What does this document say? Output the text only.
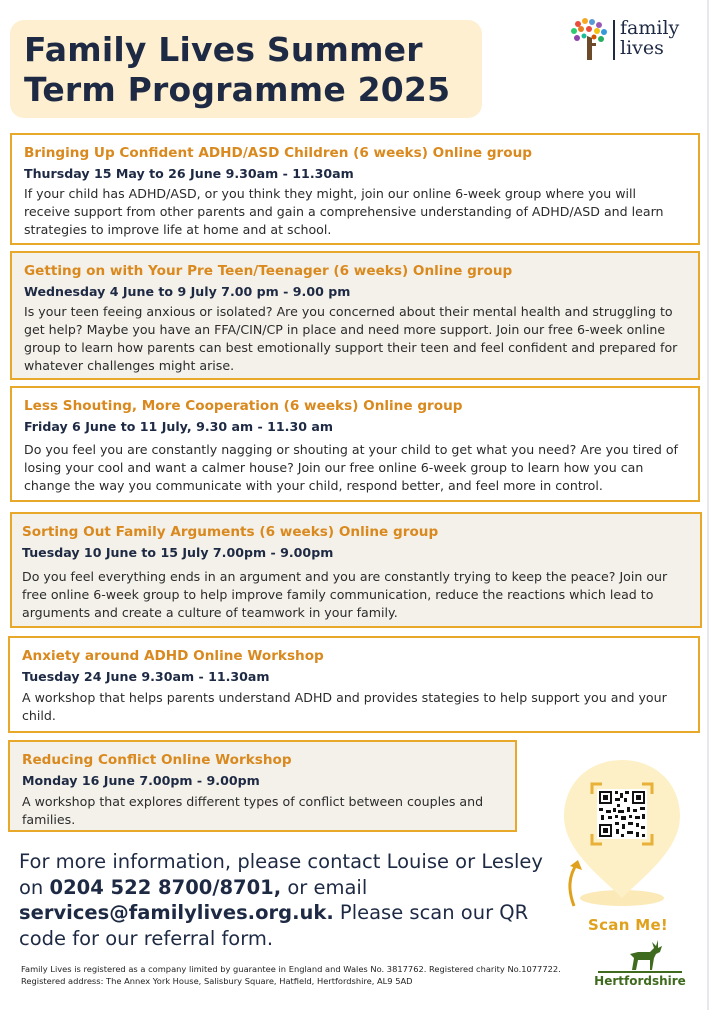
Family Lives Summer Term Programme 2025
family
lives
Bringing Up Confident ADHD/ASD Children (6 weeks) Online group
Thursday 15 May to 26 June 9.30am - 11.30am
If your child has ADHD/ASD, or you think they might, join our online 6-week group where you will receive support from other parents and gain a comprehensive understanding of ADHD/ASD and learn strategies to improve life at home and at school.
Getting on with Your Pre Teen/Teenager (6 weeks) Online group
Wednesday 4 June to 9 July 7.00 pm - 9.00 pm
Is your teen feeing anxious or isolated? Are you concerned about their mental health and struggling to get help? Maybe you have an FFA/CIN/CP in place and need more support. Join our free 6-week online group to learn how parents can best emotionally support their teen and feel confident and prepared for whatever challenges might arise.
Less Shouting, More Cooperation (6 weeks) Online group
Friday 6 June to 11 July, 9.30 am - 11.30 am
Do you feel you are constantly nagging or shouting at your child to get what you need? Are you tired of losing your cool and want a calmer house? Join our free online 6-week group to learn how you can change the way you communicate with your child, respond better, and feel more in control.
Sorting Out Family Arguments (6 weeks) Online group
Tuesday 10 June to 15 July 7.00pm - 9.00pm
Do you feel everything ends in an argument and you are constantly trying to keep the peace? Join our free online 6-week group to help improve family communication, reduce the reactions which lead to arguments and create a culture of teamwork in your family.
Anxiety around ADHD Online Workshop
Tuesday 24 June 9.30am - 11.30am
A workshop that helps parents understand ADHD and provides stategies to help support you and your child.
Reducing Conflict Online Workshop
Monday 16 June 7.00pm - 9.00pm
A workshop that explores different types of conflict between couples and families.
For more information, please contact Louise or Lesley on 0204 522 8700/8701, or email services@familylives.org.uk. Please scan our QR code for our referral form.
Scan Me!
Hertfordshire
Family Lives is registered as a company limited by guarantee in England and Wales No. 3817762. Registered charity No.1077722. Registered address: The Annex York House, Salisbury Square, Hatfield, Hertfordshire, AL9 5AD
